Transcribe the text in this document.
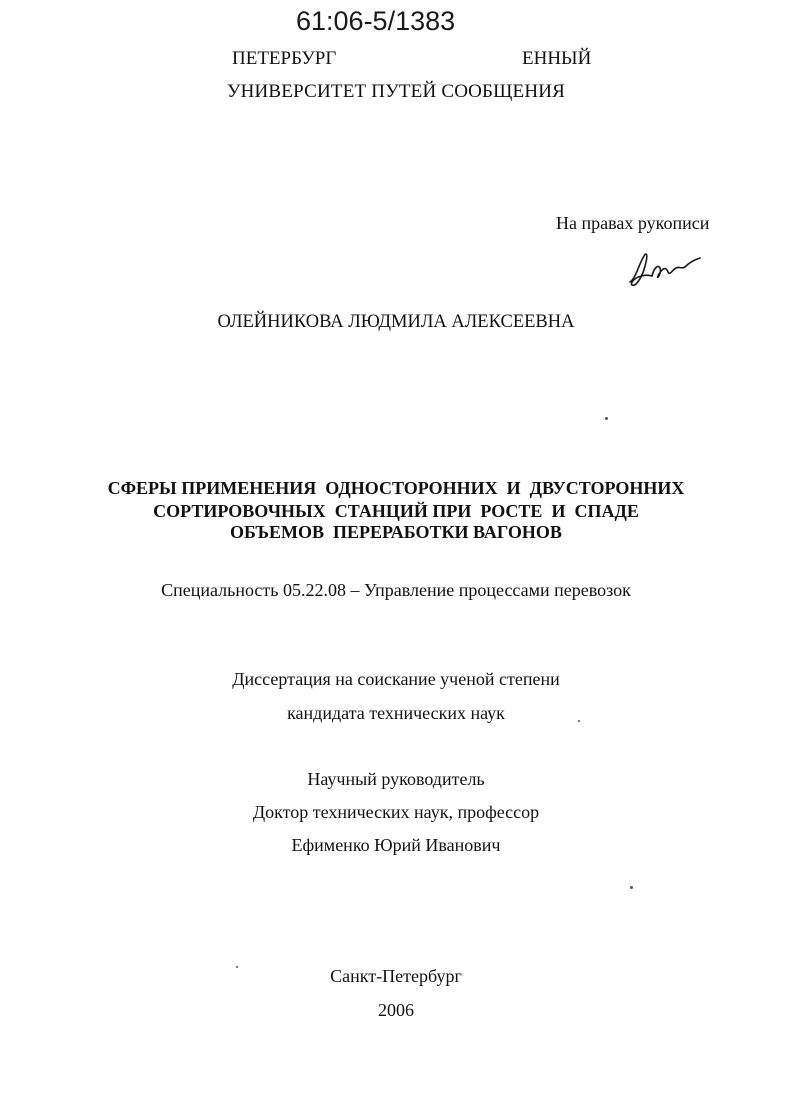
61:06-5/1383
ПЕТЕРБУРГ	ЕННЫЙ
УНИВЕРСИТЕТ ПУТЕЙ СООБЩЕНИЯ
На правах рукописи
ОЛЕЙНИКОВА ЛЮДМИЛА АЛЕКСЕЕВНА
СФЕРЫ ПРИМЕНЕНИЯ  ОДНОСТОРОННИХ  И  ДВУСТОРОННИХ
СОРТИРОВОЧНЫХ  СТАНЦИЙ ПРИ  РОСТЕ  И  СПАДЕ
ОБЪЕМОВ  ПЕРЕРАБОТКИ ВАГОНОВ
Специальность 05.22.08 – Управление процессами перевозок
Диссертация на соискание ученой степени
кандидата технических наук
Научный руководитель
Доктор технических наук, профессор
Ефименко Юрий Иванович
Санкт-Петербург
2006
